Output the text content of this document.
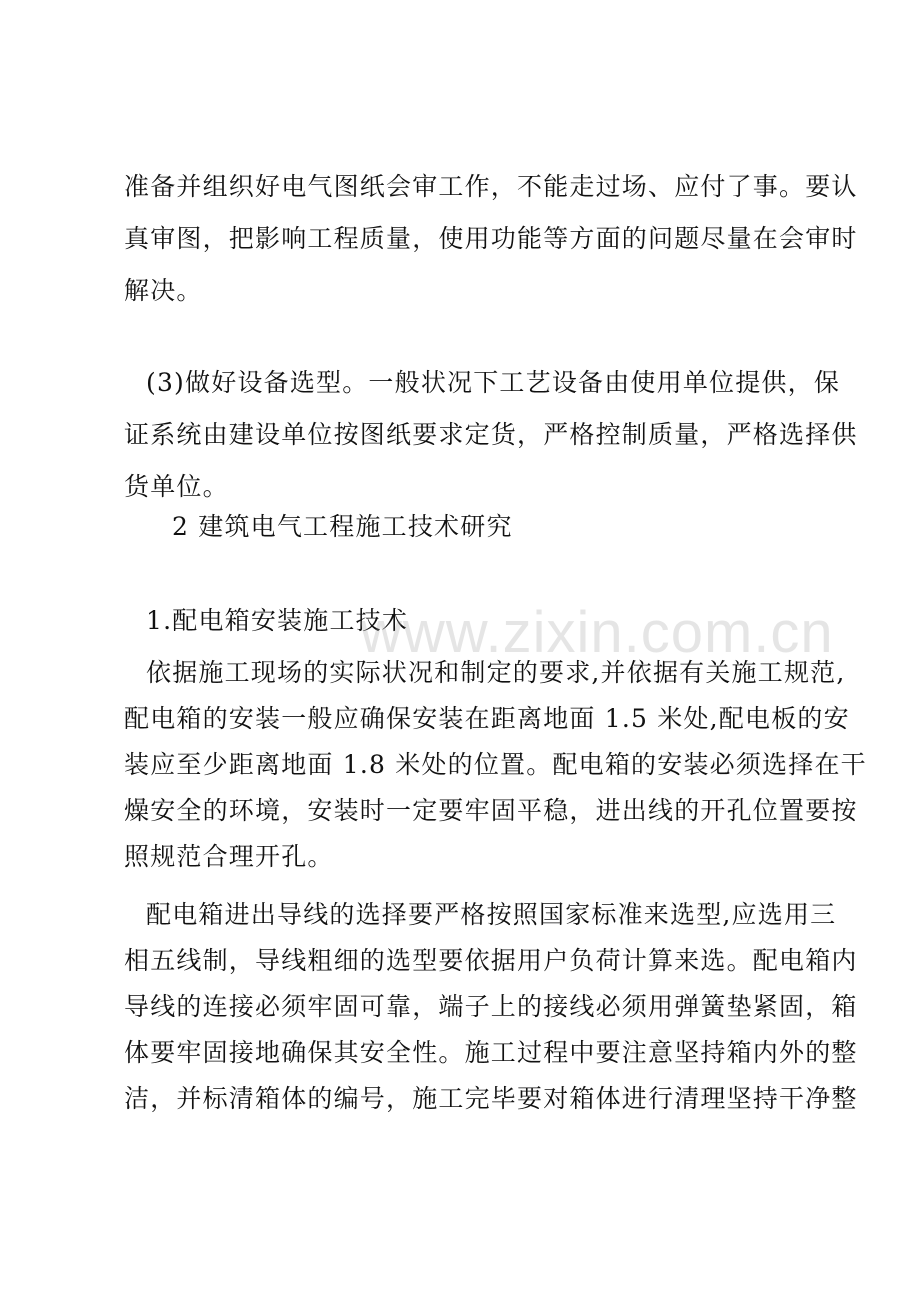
准备并组织好电气图纸会审工作，不能走过场、应付了事。要认
真审图，把影响工程质量，使用功能等方面的问题尽量在会审时
解决。
(3)做好设备选型。一般状况下工艺设备由使用单位提供，保
证系统由建设单位按图纸要求定货，严格控制质量，严格选择供
货单位。
2 建筑电气工程施工技术研究
1.配电箱安装施工技术
依据施工现场的实际状况和制定的要求,并依据有关施工规范,
配电箱的安装一般应确保安装在距离地面 1.5 米处,配电板的安
装应至少距离地面 1.8 米处的位置。配电箱的安装必须选择在干
燥安全的环境，安装时一定要牢固平稳，进出线的开孔位置要按
照规范合理开孔。
配电箱进出导线的选择要严格按照国家标准来选型,应选用三
相五线制，导线粗细的选型要依据用户负荷计算来选。配电箱内
导线的连接必须牢固可靠，端子上的接线必须用弹簧垫紧固，箱
体要牢固接地确保其安全性。施工过程中要注意坚持箱内外的整
洁，并标清箱体的编号，施工完毕要对箱体进行清理坚持干净整
www.zixin.com.cn
